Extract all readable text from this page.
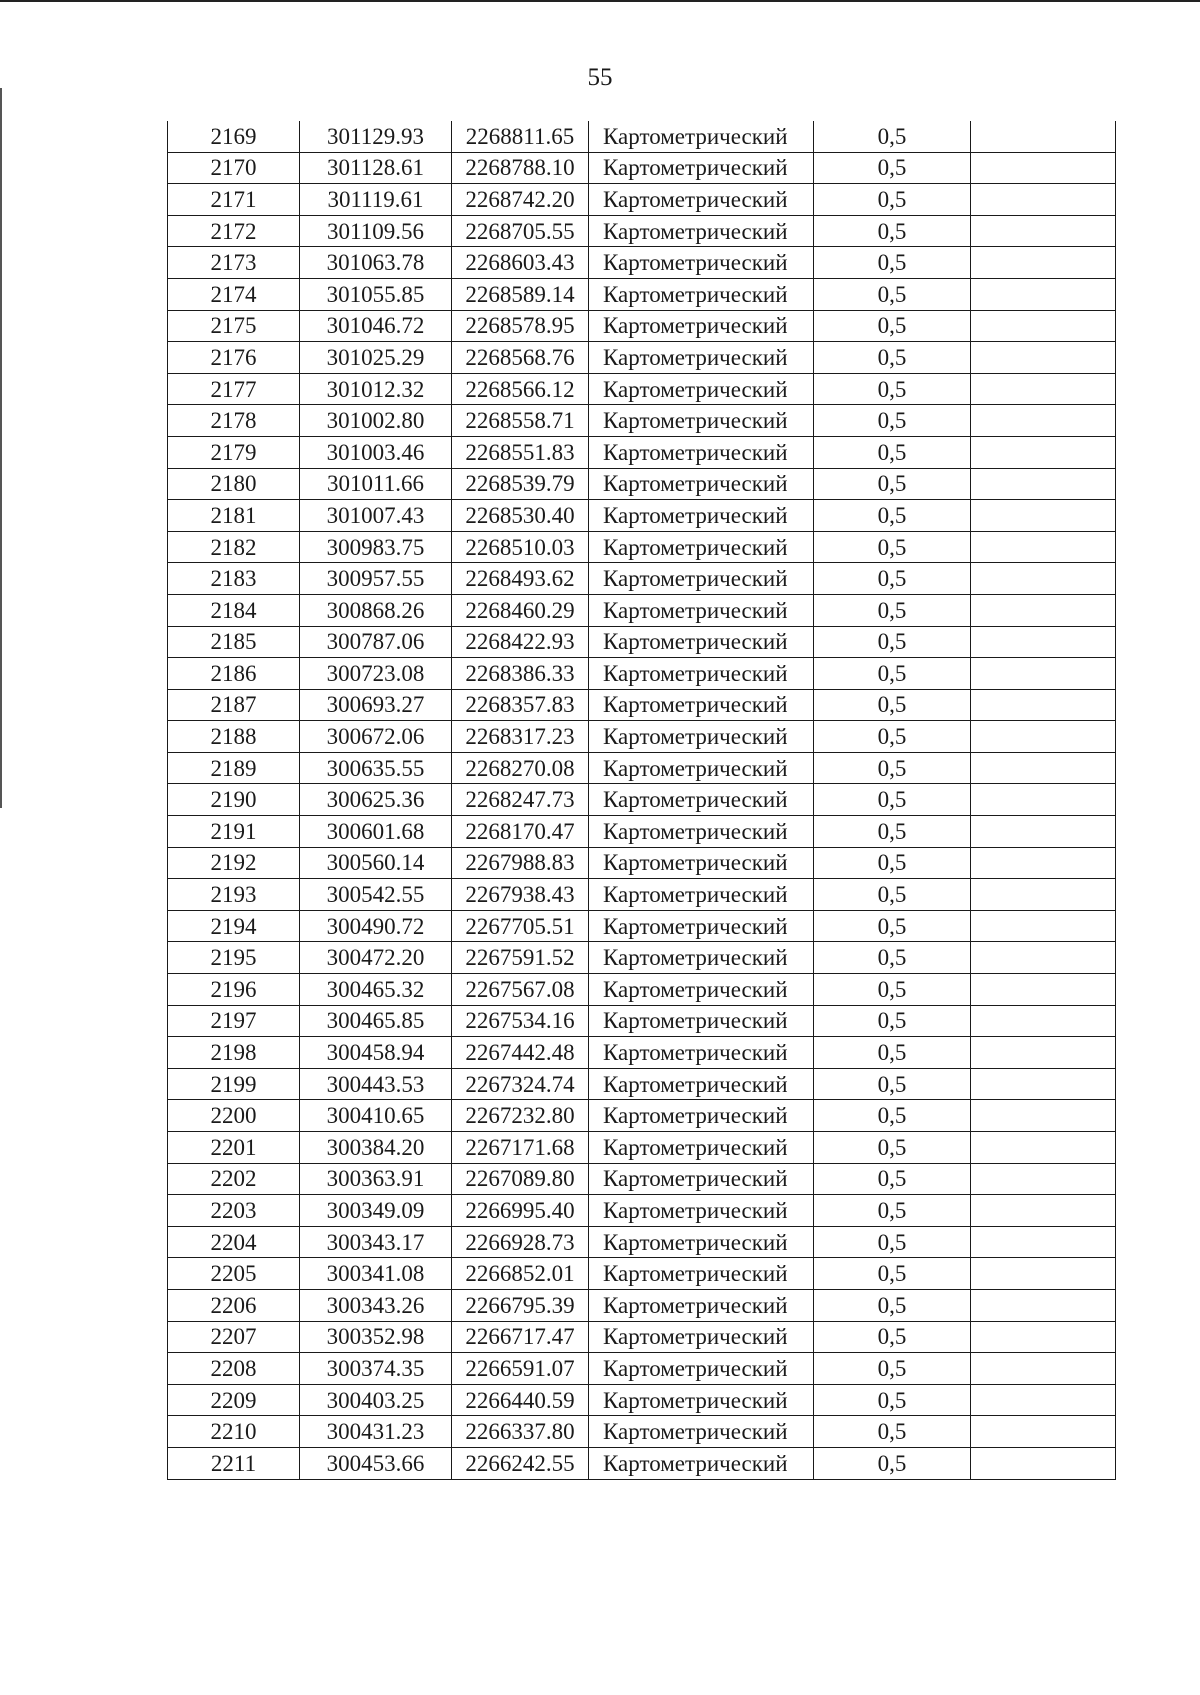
55
2169	301129.93	2268811.65	Картометрический	0,5	
2170	301128.61	2268788.10	Картометрический	0,5	
2171	301119.61	2268742.20	Картометрический	0,5	
2172	301109.56	2268705.55	Картометрический	0,5	
2173	301063.78	2268603.43	Картометрический	0,5	
2174	301055.85	2268589.14	Картометрический	0,5	
2175	301046.72	2268578.95	Картометрический	0,5	
2176	301025.29	2268568.76	Картометрический	0,5	
2177	301012.32	2268566.12	Картометрический	0,5	
2178	301002.80	2268558.71	Картометрический	0,5	
2179	301003.46	2268551.83	Картометрический	0,5	
2180	301011.66	2268539.79	Картометрический	0,5	
2181	301007.43	2268530.40	Картометрический	0,5	
2182	300983.75	2268510.03	Картометрический	0,5	
2183	300957.55	2268493.62	Картометрический	0,5	
2184	300868.26	2268460.29	Картометрический	0,5	
2185	300787.06	2268422.93	Картометрический	0,5	
2186	300723.08	2268386.33	Картометрический	0,5	
2187	300693.27	2268357.83	Картометрический	0,5	
2188	300672.06	2268317.23	Картометрический	0,5	
2189	300635.55	2268270.08	Картометрический	0,5	
2190	300625.36	2268247.73	Картометрический	0,5	
2191	300601.68	2268170.47	Картометрический	0,5	
2192	300560.14	2267988.83	Картометрический	0,5	
2193	300542.55	2267938.43	Картометрический	0,5	
2194	300490.72	2267705.51	Картометрический	0,5	
2195	300472.20	2267591.52	Картометрический	0,5	
2196	300465.32	2267567.08	Картометрический	0,5	
2197	300465.85	2267534.16	Картометрический	0,5	
2198	300458.94	2267442.48	Картометрический	0,5	
2199	300443.53	2267324.74	Картометрический	0,5	
2200	300410.65	2267232.80	Картометрический	0,5	
2201	300384.20	2267171.68	Картометрический	0,5	
2202	300363.91	2267089.80	Картометрический	0,5	
2203	300349.09	2266995.40	Картометрический	0,5	
2204	300343.17	2266928.73	Картометрический	0,5	
2205	300341.08	2266852.01	Картометрический	0,5	
2206	300343.26	2266795.39	Картометрический	0,5	
2207	300352.98	2266717.47	Картометрический	0,5	
2208	300374.35	2266591.07	Картометрический	0,5	
2209	300403.25	2266440.59	Картометрический	0,5	
2210	300431.23	2266337.80	Картометрический	0,5	
2211	300453.66	2266242.55	Картометрический	0,5	
